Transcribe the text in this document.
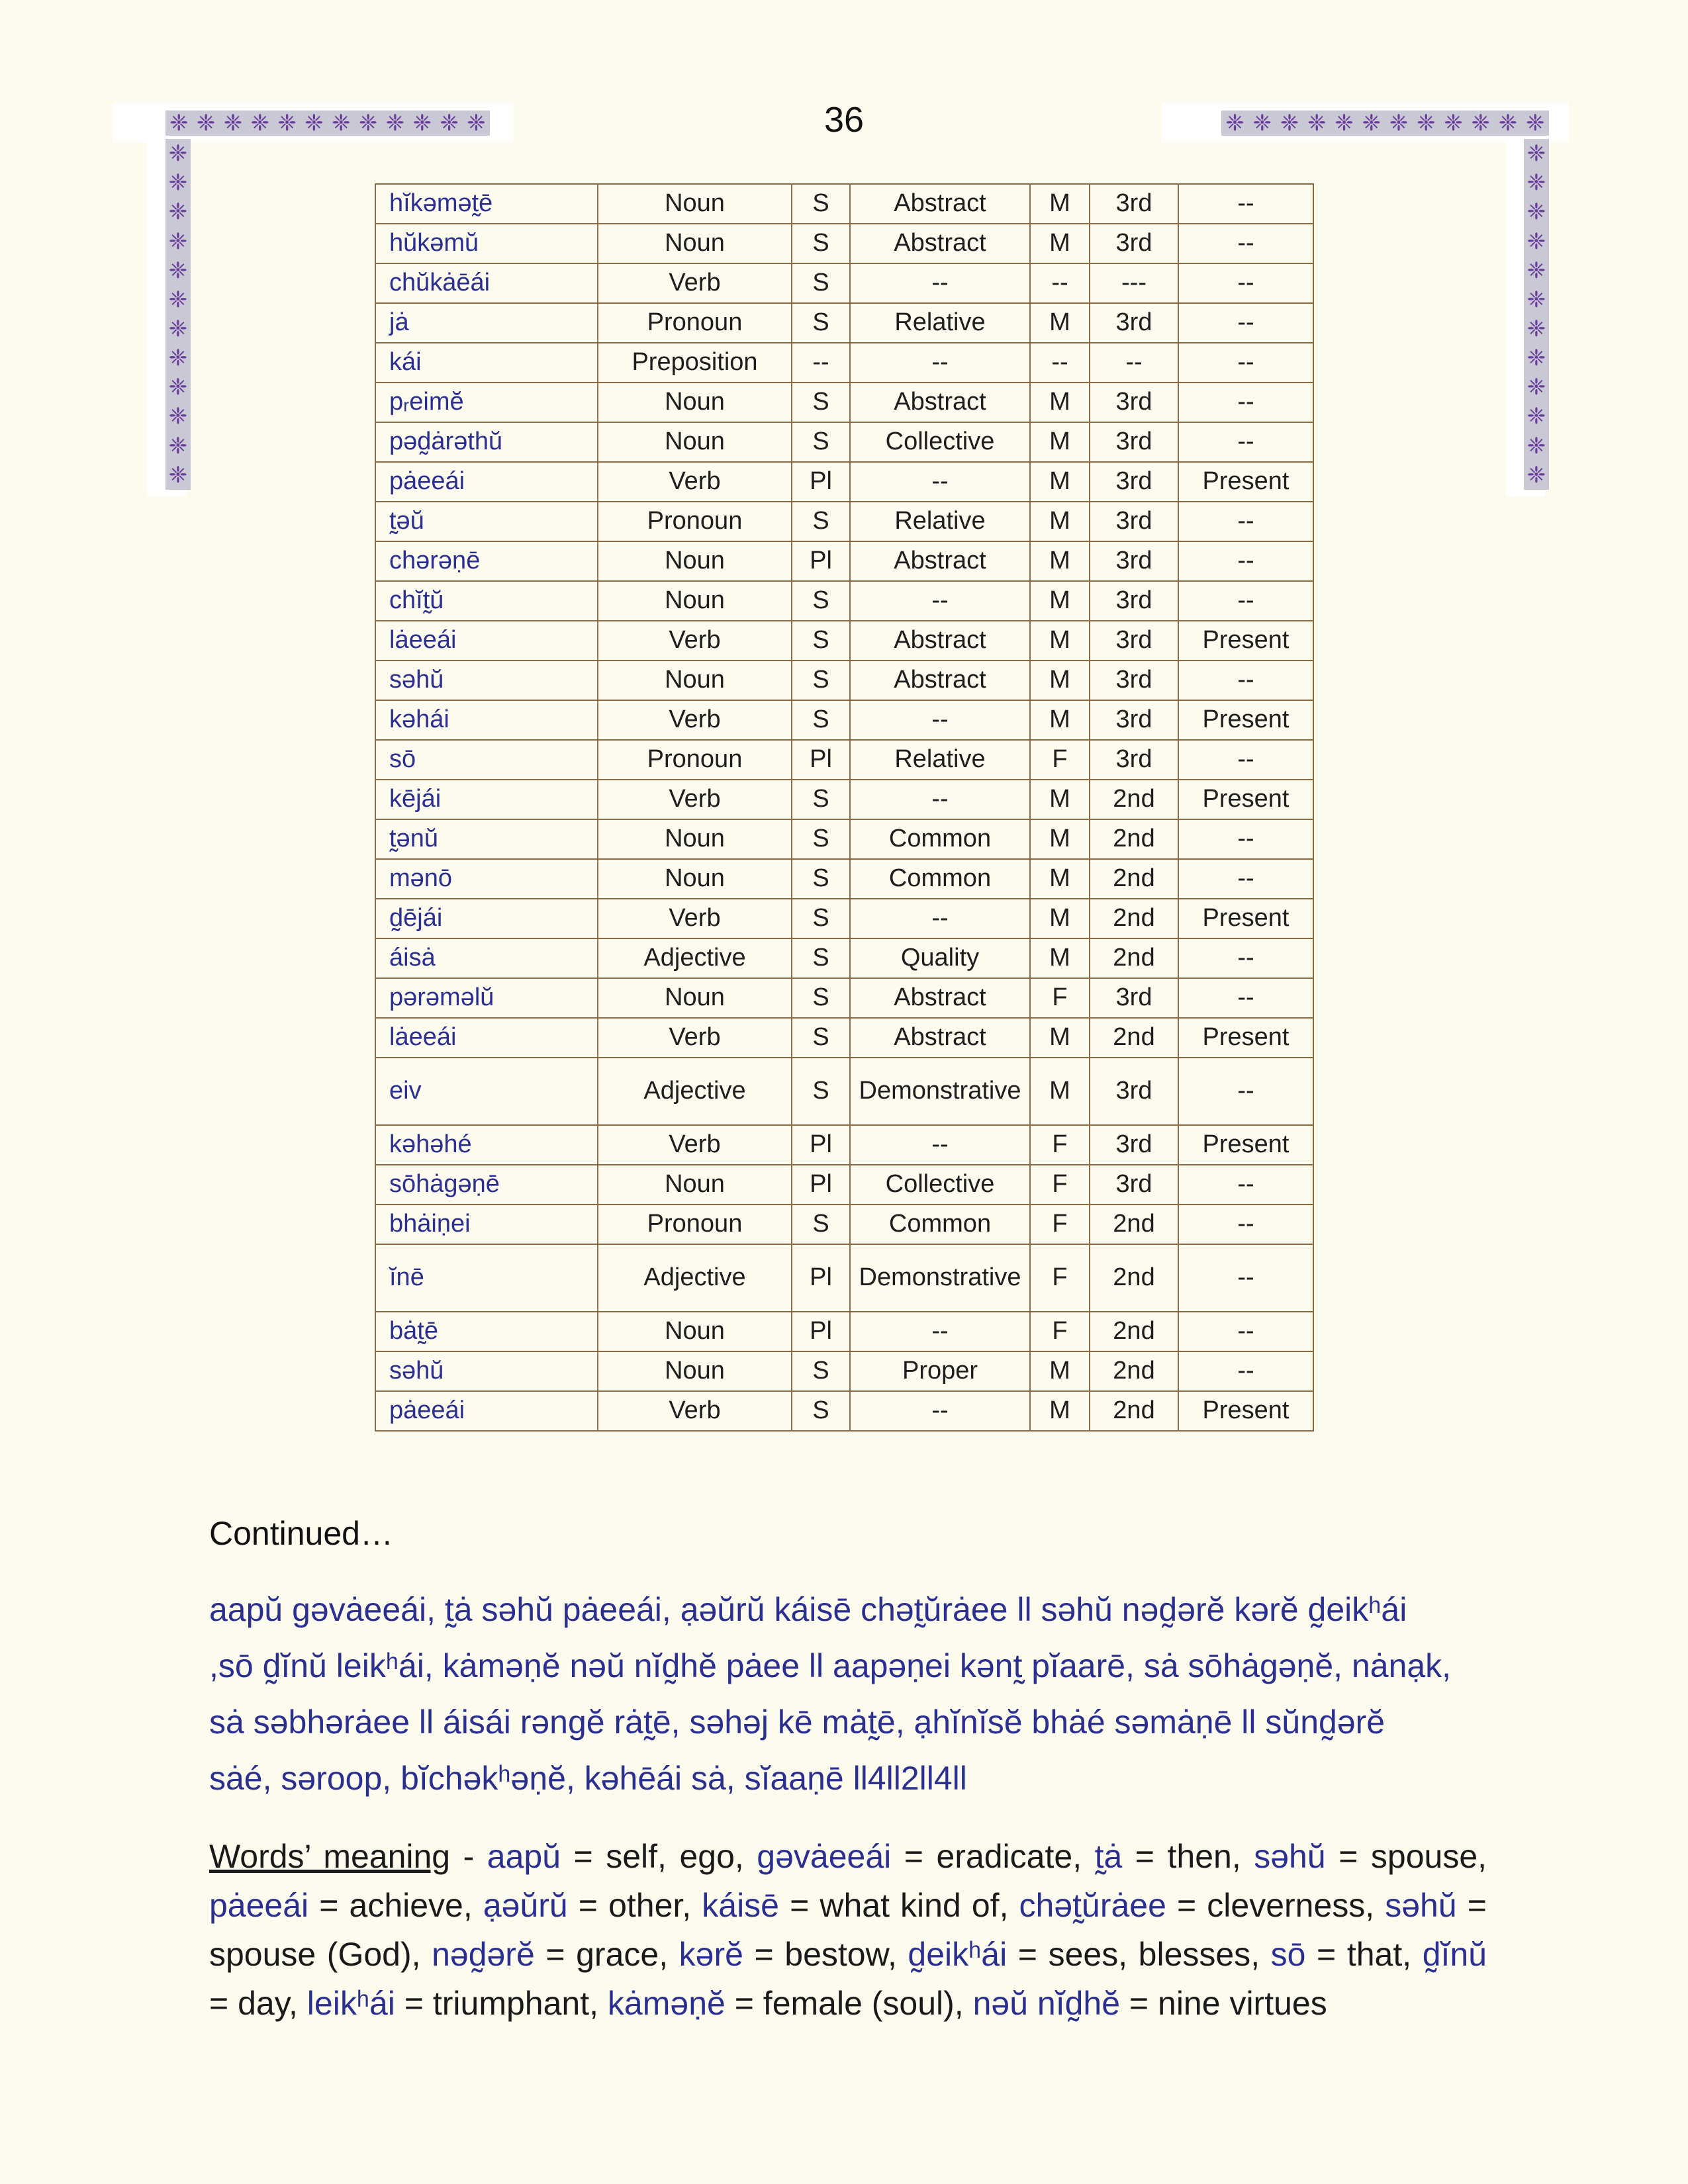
36
❈ ❈ ❈ ❈ ❈ ❈ ❈ ❈ ❈ ❈ ❈ ❈
❈
❈
❈
❈
❈
❈
❈
❈
❈
❈
❈
❈
❈ ❈ ❈ ❈ ❈ ❈ ❈ ❈ ❈ ❈ ❈ ❈
❈
❈
❈
❈
❈
❈
❈
❈
❈
❈
❈
❈
hĭkəmət̰ē	Noun	S	Abstract	M	3rd	--
hŭkəmŭ	Noun	S	Abstract	M	3rd	--
chŭkȧēái	Verb	S	--	--	---	--
jȧ	Pronoun	S	Relative	M	3rd	--
kái	Preposition	--	--	--	--	--
pᵣeimĕ	Noun	S	Abstract	M	3rd	--
pəd̰ȧrəthŭ	Noun	S	Collective	M	3rd	--
pȧeeái	Verb	Pl	--	M	3rd	Present
t̰əŭ	Pronoun	S	Relative	M	3rd	--
chərəṇē	Noun	Pl	Abstract	M	3rd	--
chĭt̰ŭ	Noun	S	--	M	3rd	--
lȧeeái	Verb	S	Abstract	M	3rd	Present
səhŭ	Noun	S	Abstract	M	3rd	--
kəhái	Verb	S	--	M	3rd	Present
sō	Pronoun	Pl	Relative	F	3rd	--
kējái	Verb	S	--	M	2nd	Present
t̰ənŭ	Noun	S	Common	M	2nd	--
mənō	Noun	S	Common	M	2nd	--
d̰ējái	Verb	S	--	M	2nd	Present
áisȧ	Adjective	S	Quality	M	2nd	--
pərəməlŭ	Noun	S	Abstract	F	3rd	--
lȧeeái	Verb	S	Abstract	M	2nd	Present
eiv	Adjective	S	Demonstrative	M	3rd	--
kəhəhé	Verb	Pl	--	F	3rd	Present
sōhȧgəṇē	Noun	Pl	Collective	F	3rd	--
bhȧiṇei	Pronoun	S	Common	F	2nd	--
ĭnē	Adjective	Pl	Demonstrative	F	2nd	--
bȧt̰ē	Noun	Pl	--	F	2nd	--
səhŭ	Noun	S	Proper	M	2nd	--
pȧeeái	Verb	S	--	M	2nd	Present
Continued…
aapŭ gəvȧeeái, t̰ȧ səhŭ pȧeeái, ạəŭrŭ káisē chət̰ŭrȧee ll səhŭ nəd̰ərĕ kərĕ d̰eikʰái
,sō d̰ĭnŭ leikʰái, kȧməṇĕ nəŭ nĭd̰hĕ pȧee ll aapəṇei kənt̰ pĭaarē, sȧ sōhȧgəṇĕ, nȧnạk,
sȧ səbhərȧee ll áisái rəngĕ rȧt̰ē, səhəj kē mȧt̰ē, ạhĭnĭsĕ bhȧé səmȧṇē ll sŭnd̰ərĕ
sȧé, səroop, bĭchəkʰəṇĕ, kəhēái sȧ, sĭaaṇē ll4ll2ll4ll
Words’ meaning - aapŭ = self, ego, gəvȧeeái = eradicate, t̰ȧ = then, səhŭ = spouse, pȧeeái = achieve, ạəŭrŭ = other, káisē = what kind of, chət̰ŭrȧee = cleverness, səhŭ = spouse (God), nəd̰ərĕ = grace, kərĕ = bestow, d̰eikʰái = sees, blesses, sō = that, d̰ĭnŭ = day, leikʰái = triumphant, kȧməṇĕ = female (soul), nəŭ nĭd̰hĕ = nine virtues
